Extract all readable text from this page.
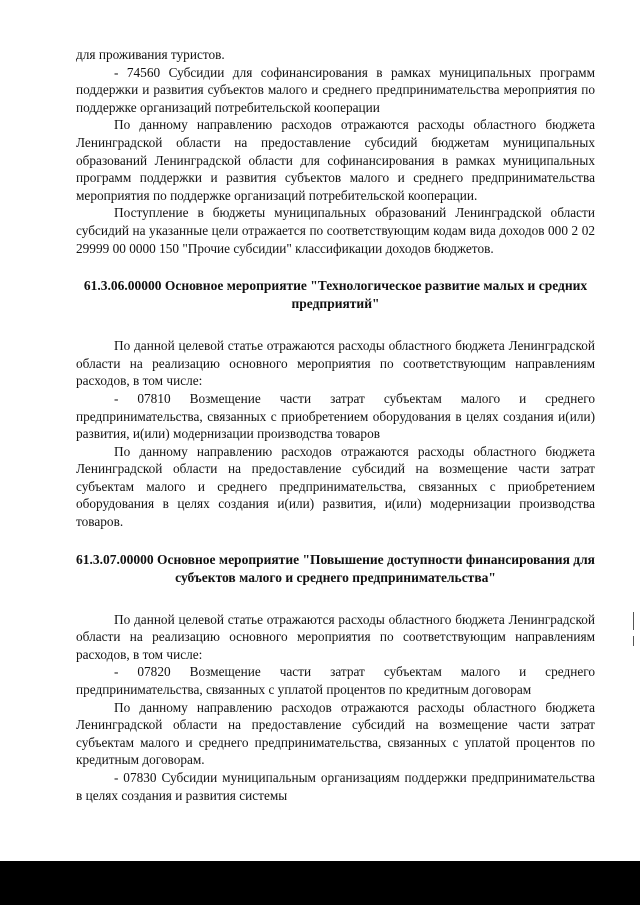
для проживания туристов.

- 74560 Субсидии для софинансирования в рамках муниципальных программ поддержки и развития субъектов малого и среднего предпринимательства мероприятия по поддержке организаций потребительской кооперации

По данному направлению расходов отражаются расходы областного бюджета Ленинградской области на предоставление субсидий бюджетам муниципальных образований Ленинградской области для софинансирования в рамках муниципальных программ поддержки и развития субъектов малого и среднего предпринимательства мероприятия по поддержке организаций потребительской кооперации.

Поступление в бюджеты муниципальных образований Ленинградской области субсидий на указанные цели отражается по соответствующим кодам вида доходов 000 2 02 29999 00 0000 150 "Прочие субсидии" классификации доходов бюджетов.

61.3.06.00000 Основное мероприятие "Технологическое развитие малых и средних предприятий"

По данной целевой статье отражаются расходы областного бюджета Ленинградской области на реализацию основного мероприятия по соответствующим направлениям расходов, в том числе:

- 07810 Возмещение части затрат субъектам малого и среднего предпринимательства, связанных с приобретением оборудования в целях создания и(или) развития, и(или) модернизации производства товаров

По данному направлению расходов отражаются расходы областного бюджета Ленинградской области на предоставление субсидий на возмещение части затрат субъектам малого и среднего предпринимательства, связанных с приобретением оборудования в целях создания и(или) развития, и(или) модернизации производства товаров.

61.3.07.00000 Основное мероприятие "Повышение доступности финансирования для субъектов малого и среднего предпринимательства"

По данной целевой статье отражаются расходы областного бюджета Ленинградской области на реализацию основного мероприятия по соответствующим направлениям расходов, в том числе:

- 07820 Возмещение части затрат субъектам малого и среднего предпринимательства, связанных с уплатой процентов по кредитным договорам

По данному направлению расходов отражаются расходы областного бюджета Ленинградской области на предоставление субсидий на возмещение части затрат субъектам малого и среднего предпринимательства, связанных с уплатой процентов по кредитным договорам.

- 07830 Субсидии муниципальным организациям поддержки предпринимательства в целях создания и развития системы
